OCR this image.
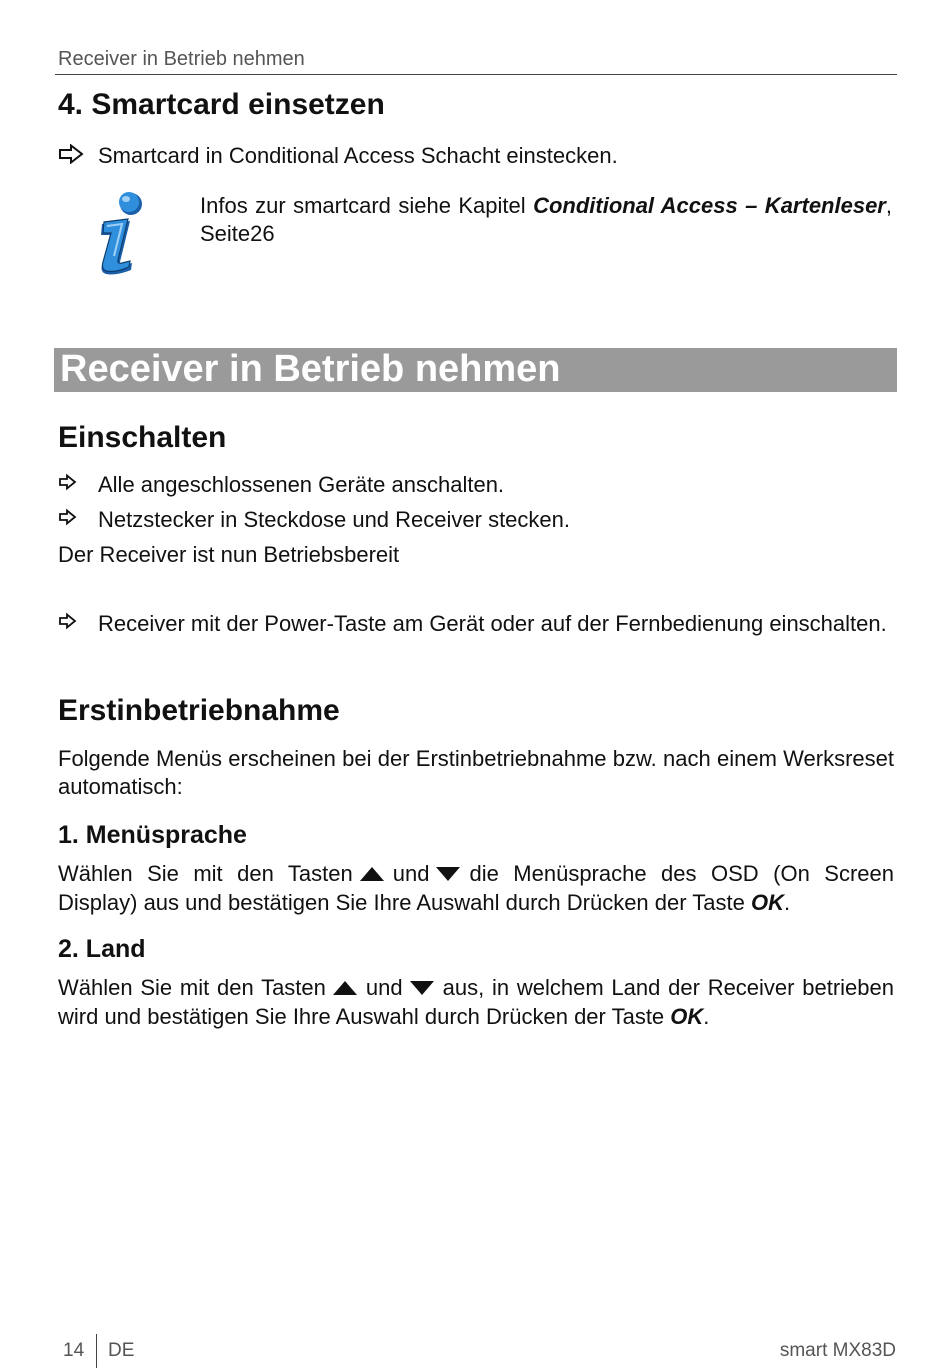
Receiver in Betrieb nehmen
4. Smartcard einsetzen
Smartcard in Conditional Access Schacht einstecken.
Infos zur smartcard siehe Kapitel Conditional Access – Kartenleser, Seite26
Receiver in Betrieb nehmen
Einschalten
Alle angeschlossenen Geräte anschalten.
Netzstecker in Steckdose und Receiver stecken.
Der Receiver ist nun Betriebsbereit
Receiver mit der Power-Taste am Gerät oder auf der Fernbedienung einschalten.
Erstinbetriebnahme
Folgende Menüs erscheinen bei der Erstinbetriebnahme bzw. nach einem Werksreset automatisch:
1. Menüsprache
Wählen Sie mit den Tasten und die Menüsprache des OSD (On Screen Display) aus und bestätigen Sie Ihre Auswahl durch Drücken der Taste OK.
2. Land
Wählen Sie mit den Tasten und aus, in welchem Land der Receiver betrieben wird und bestätigen Sie Ihre Auswahl durch Drücken der Taste OK.
14 DE	smart MX83D
